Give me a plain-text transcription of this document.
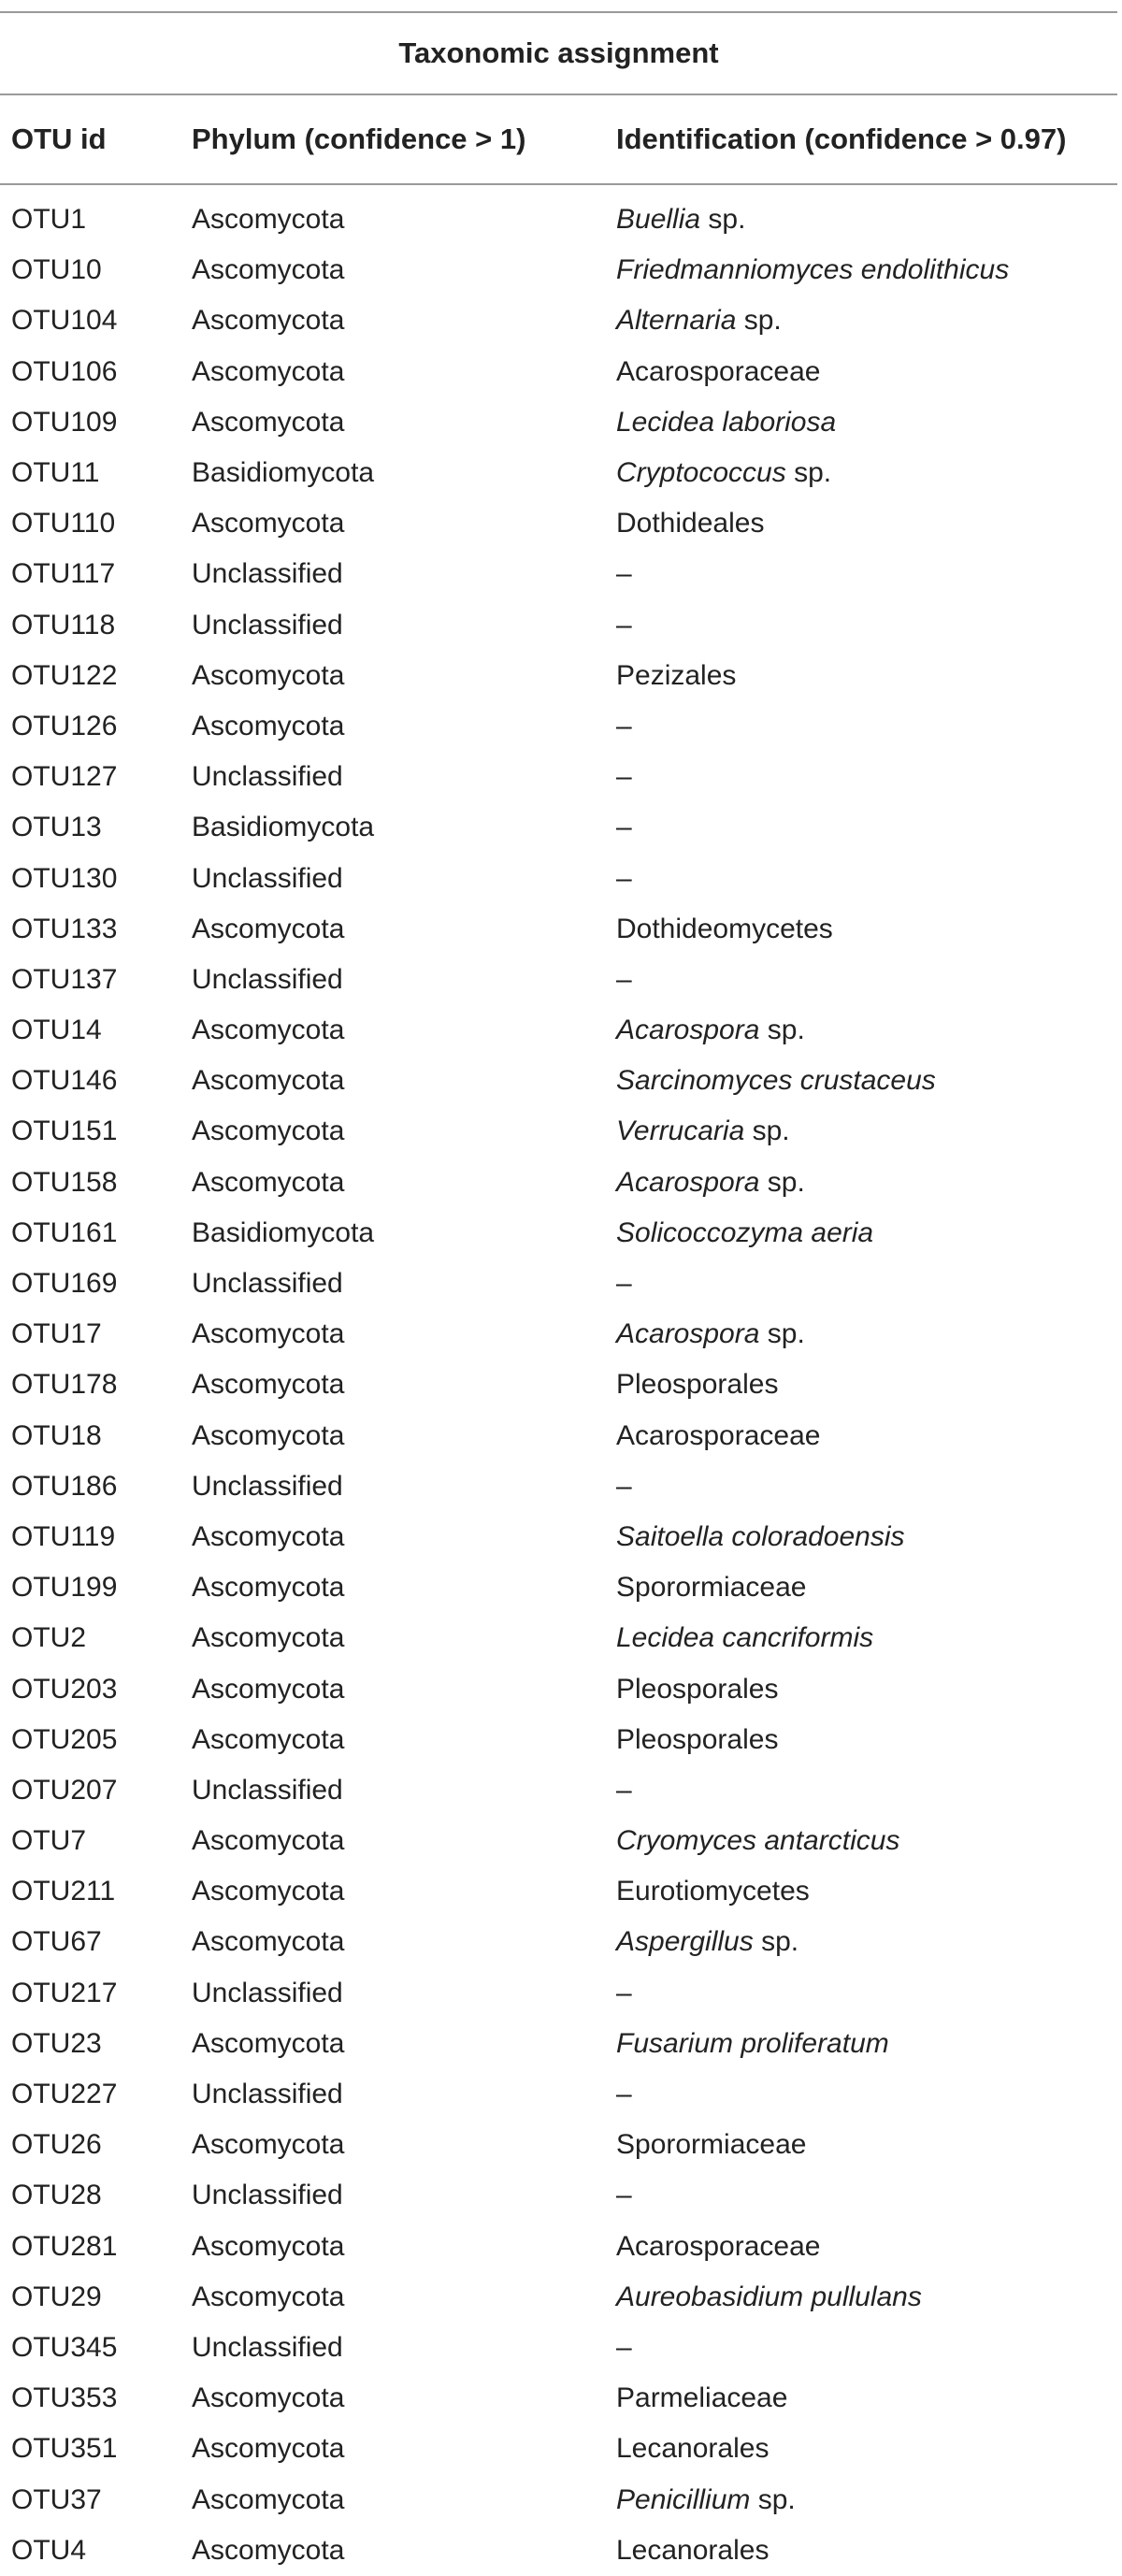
Taxonomic assignment		
OTU id	Phylum (confidence > 1)	Identification (confidence > 0.97)
OTU1	Ascomycota	Buellia sp.
OTU10	Ascomycota	Friedmanniomyces endolithicus
OTU104	Ascomycota	Alternaria sp.
OTU106	Ascomycota	Acarosporaceae
OTU109	Ascomycota	Lecidea laboriosa
OTU11	Basidiomycota	Cryptococcus sp.
OTU110	Ascomycota	Dothideales
OTU117	Unclassified	–
OTU118	Unclassified	–
OTU122	Ascomycota	Pezizales
OTU126	Ascomycota	–
OTU127	Unclassified	–
OTU13	Basidiomycota	–
OTU130	Unclassified	–
OTU133	Ascomycota	Dothideomycetes
OTU137	Unclassified	–
OTU14	Ascomycota	Acarospora sp.
OTU146	Ascomycota	Sarcinomyces crustaceus
OTU151	Ascomycota	Verrucaria sp.
OTU158	Ascomycota	Acarospora sp.
OTU161	Basidiomycota	Solicoccozyma aeria
OTU169	Unclassified	–
OTU17	Ascomycota	Acarospora sp.
OTU178	Ascomycota	Pleosporales
OTU18	Ascomycota	Acarosporaceae
OTU186	Unclassified	–
OTU119	Ascomycota	Saitoella coloradoensis
OTU199	Ascomycota	Sporormiaceae
OTU2	Ascomycota	Lecidea cancriformis
OTU203	Ascomycota	Pleosporales
OTU205	Ascomycota	Pleosporales
OTU207	Unclassified	–
OTU7	Ascomycota	Cryomyces antarcticus
OTU211	Ascomycota	Eurotiomycetes
OTU67	Ascomycota	Aspergillus sp.
OTU217	Unclassified	–
OTU23	Ascomycota	Fusarium proliferatum
OTU227	Unclassified	–
OTU26	Ascomycota	Sporormiaceae
OTU28	Unclassified	–
OTU281	Ascomycota	Acarosporaceae
OTU29	Ascomycota	Aureobasidium pullulans
OTU345	Unclassified	–
OTU353	Ascomycota	Parmeliaceae
OTU351	Ascomycota	Lecanorales
OTU37	Ascomycota	Penicillium sp.
OTU4	Ascomycota	Lecanorales
